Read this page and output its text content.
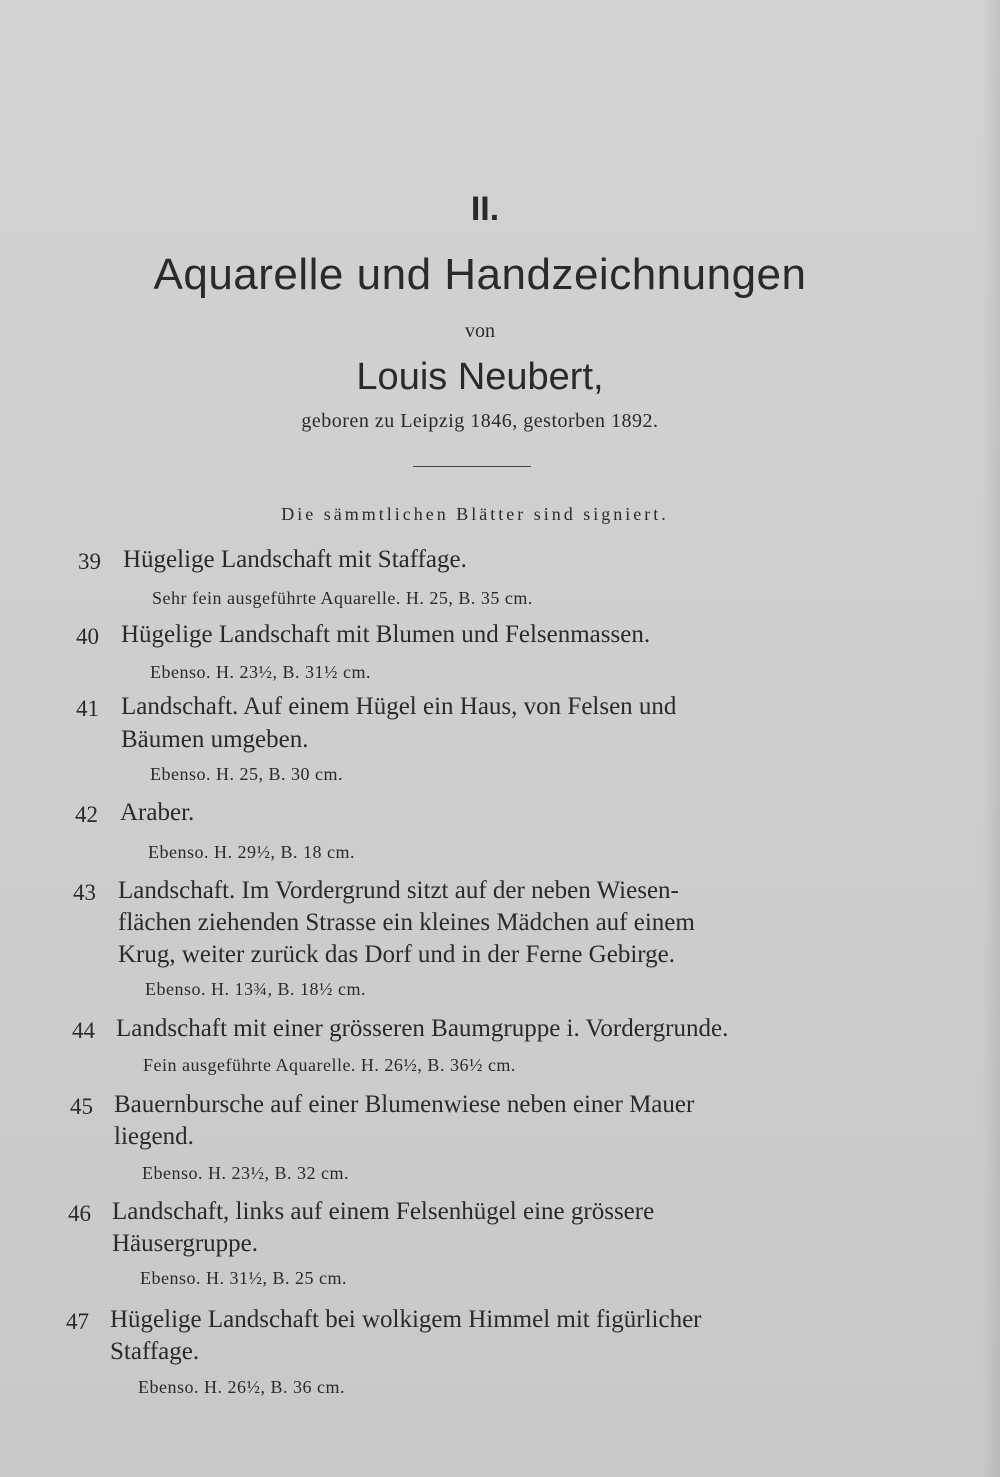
II.
Aquarelle und Handzeichnungen
von
Louis Neubert,
geboren zu Leipzig 1846, gestorben 1892.
Die sämmtlichen Blätter sind signiert.
39 Hügelige Landschaft mit Staffage.
Sehr fein ausgeführte Aquarelle. H. 25, B. 35 cm.
40 Hügelige Landschaft mit Blumen und Felsenmassen.
Ebenso. H. 23½, B. 31½ cm.
41 Landschaft. Auf einem Hügel ein Haus, von Felsen und
Bäumen umgeben.
Ebenso. H. 25, B. 30 cm.
42 Araber.
Ebenso. H. 29½, B. 18 cm.
43 Landschaft. Im Vordergrund sitzt auf der neben Wiesen-
flächen ziehenden Strasse ein kleines Mädchen auf einem
Krug, weiter zurück das Dorf und in der Ferne Gebirge.
Ebenso. H. 13¾, B. 18½ cm.
44 Landschaft mit einer grösseren Baumgruppe i. Vordergrunde.
Fein ausgeführte Aquarelle. H. 26½, B. 36½ cm.
45 Bauernbursche auf einer Blumenwiese neben einer Mauer
liegend.
Ebenso. H. 23½, B. 32 cm.
46 Landschaft, links auf einem Felsenhügel eine grössere
Häusergruppe.
Ebenso. H. 31½, B. 25 cm.
47 Hügelige Landschaft bei wolkigem Himmel mit figürlicher
Staffage.
Ebenso. H. 26½, B. 36 cm.
